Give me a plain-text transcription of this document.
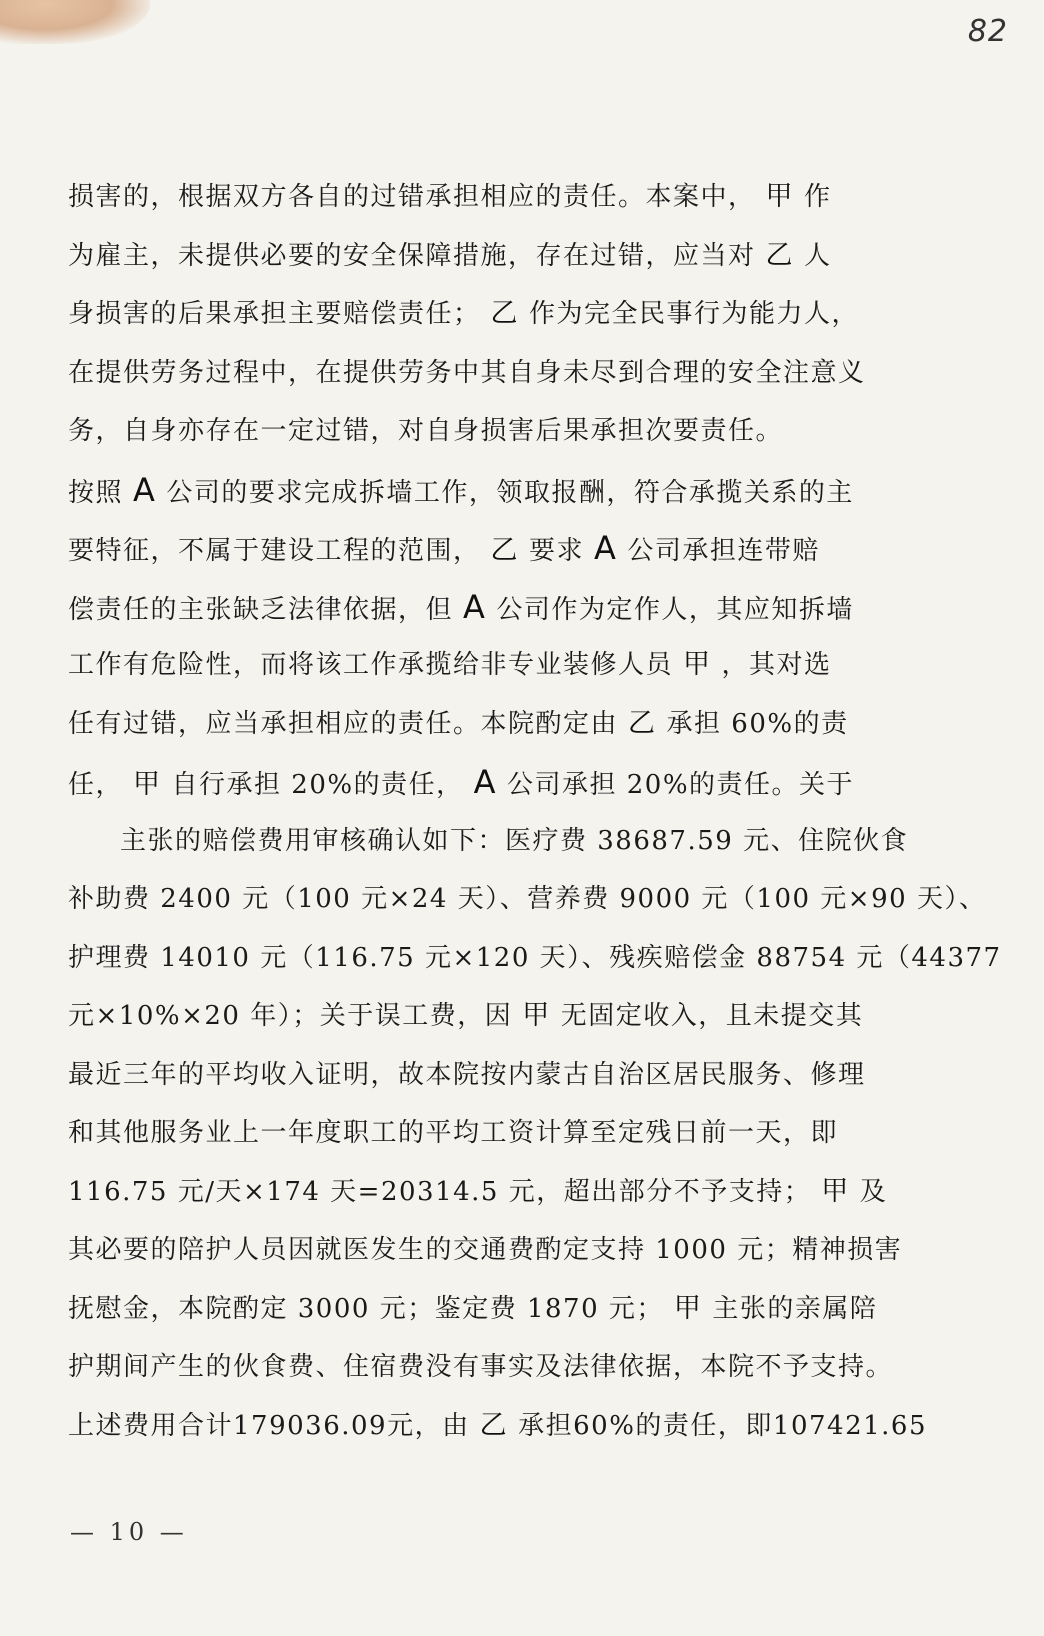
82
损害的，根据双方各自的过错承担相应的责任。本案中， 甲 作
为雇主，未提供必要的安全保障措施，存在过错，应当对 乙 人
身损害的后果承担主要赔偿责任； 乙 作为完全民事行为能力人，
在提供劳务过程中，在提供劳务中其自身未尽到合理的安全注意义
务，自身亦存在一定过错，对自身损害后果承担次要责任。
按照 A 公司的要求完成拆墙工作，领取报酬，符合承揽关系的主
要特征，不属于建设工程的范围， 乙 要求 A 公司承担连带赔
偿责任的主张缺乏法律依据，但 A 公司作为定作人，其应知拆墙
工作有危险性，而将该工作承揽给非专业装修人员 甲 ，其对选
任有过错，应当承担相应的责任。本院酌定由 乙 承担 60%的责
任， 甲 自行承担 20%的责任， A 公司承担 20%的责任。关于
主张的赔偿费用审核确认如下：医疗费 38687.59 元、住院伙食
补助费 2400 元（100 元×24 天）、营养费 9000 元（100 元×90 天）、
护理费 14010 元（116.75 元×120 天）、残疾赔偿金 88754 元（44377
元×10%×20 年）；关于误工费，因 甲 无固定收入，且未提交其
最近三年的平均收入证明，故本院按内蒙古自治区居民服务、修理
和其他服务业上一年度职工的平均工资计算至定残日前一天，即
116.75 元/天×174 天=20314.5 元，超出部分不予支持； 甲 及
其必要的陪护人员因就医发生的交通费酌定支持 1000 元；精神损害
抚慰金，本院酌定 3000 元；鉴定费 1870 元； 甲 主张的亲属陪
护期间产生的伙食费、住宿费没有事实及法律依据，本院不予支持。
上述费用合计179036.09元，由 乙 承担60%的责任，即107421.65
— 10 —
